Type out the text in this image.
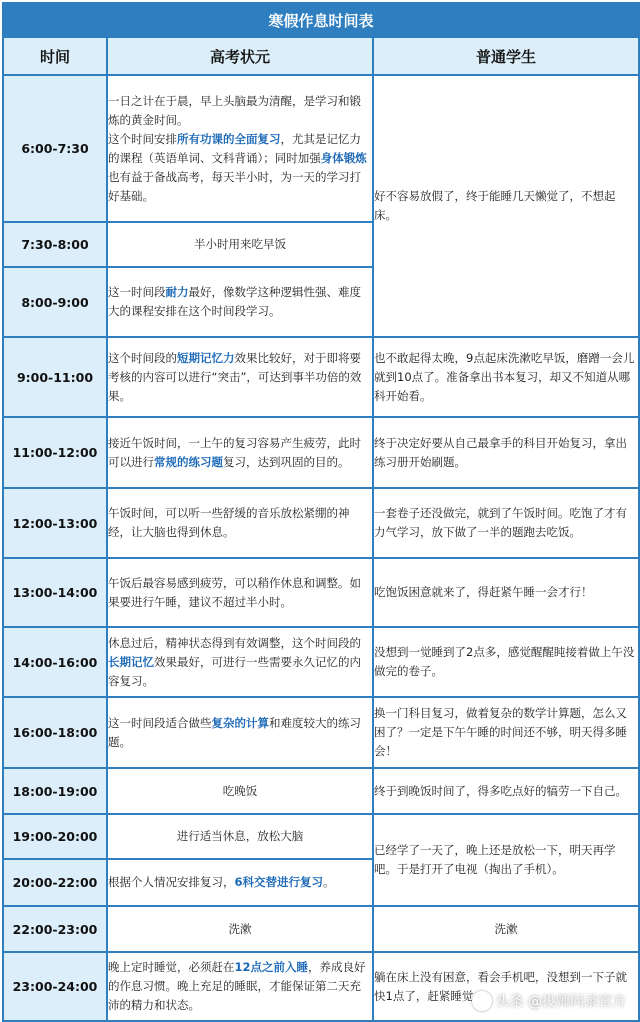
寒假作息时间表		
时间	高考状元	普通学生
6:00-7:30	一日之计在于晨，早上头脑最为清醒，是学习和锻炼的黄金时间。
这个时间安排所有功课的全面复习，尤其是记忆力的课程（英语单词、文科背诵）；同时加强身体锻炼也有益于备战高考，每天半小时，为一天的学习打好基础。	好不容易放假了，终于能睡几天懒觉了，不想起床。
7:30-8:00	半小时用来吃早饭	
8:00-9:00	这一时间段耐力最好，像数学这种逻辑性强、难度大的课程安排在这个时间段学习。	
9:00-11:00	这个时间段的短期记忆力效果比较好，对于即将要考核的内容可以进行“突击”，可达到事半功倍的效果。	也不敢起得太晚，9点起床洗漱吃早饭，磨蹭一会儿就到10点了。准备拿出书本复习，却又不知道从哪科开始看。
11:00-12:00	接近午饭时间，一上午的复习容易产生疲劳，此时可以进行常规的练习题复习，达到巩固的目的。	终于决定好要从自己最拿手的科目开始复习，拿出练习册开始刷题。
12:00-13:00	午饭时间，可以听一些舒缓的音乐放松紧绷的神经，让大脑也得到休息。	一套卷子还没做完，就到了午饭时间。吃饱了才有力气学习，放下做了一半的题跑去吃饭。
13:00-14:00	午饭后最容易感到疲劳，可以稍作休息和调整。如果要进行午睡，建议不超过半小时。	吃饱饭困意就来了，得赶紧午睡一会才行！
14:00-16:00	休息过后，精神状态得到有效调整，这个时间段的长期记忆效果最好，可进行一些需要永久记忆的内容复习。	没想到一觉睡到了2点多，感觉醒醒盹接着做上午没做完的卷子。
16:00-18:00	这一时间段适合做些复杂的计算和难度较大的练习题。	换一门科目复习，做着复杂的数学计算题，怎么又困了？一定是下午午睡的时间还不够，明天得多睡会！
18:00-19:00	吃晚饭	终于到晚饭时间了，得多吃点好的犒劳一下自己。
19:00-20:00	进行适当休息，放松大脑	已经学了一天了，晚上还是放松一下，明天再学吧。于是打开了电视（掏出了手机）。
20:00-22:00	根据个人情况安排复习，6科交替进行复习。	
22:00-23:00	洗漱	洗漱
23:00-24:00	晚上定时睡觉，必须赶在12点之前入睡，养成良好的作息习惯。晚上充足的睡眠，才能保证第二天充沛的精力和状态。	躺在床上没有困意，看会手机吧，没想到一下子就快1点了，赶紧睡觉 头条 @投师问录官方
